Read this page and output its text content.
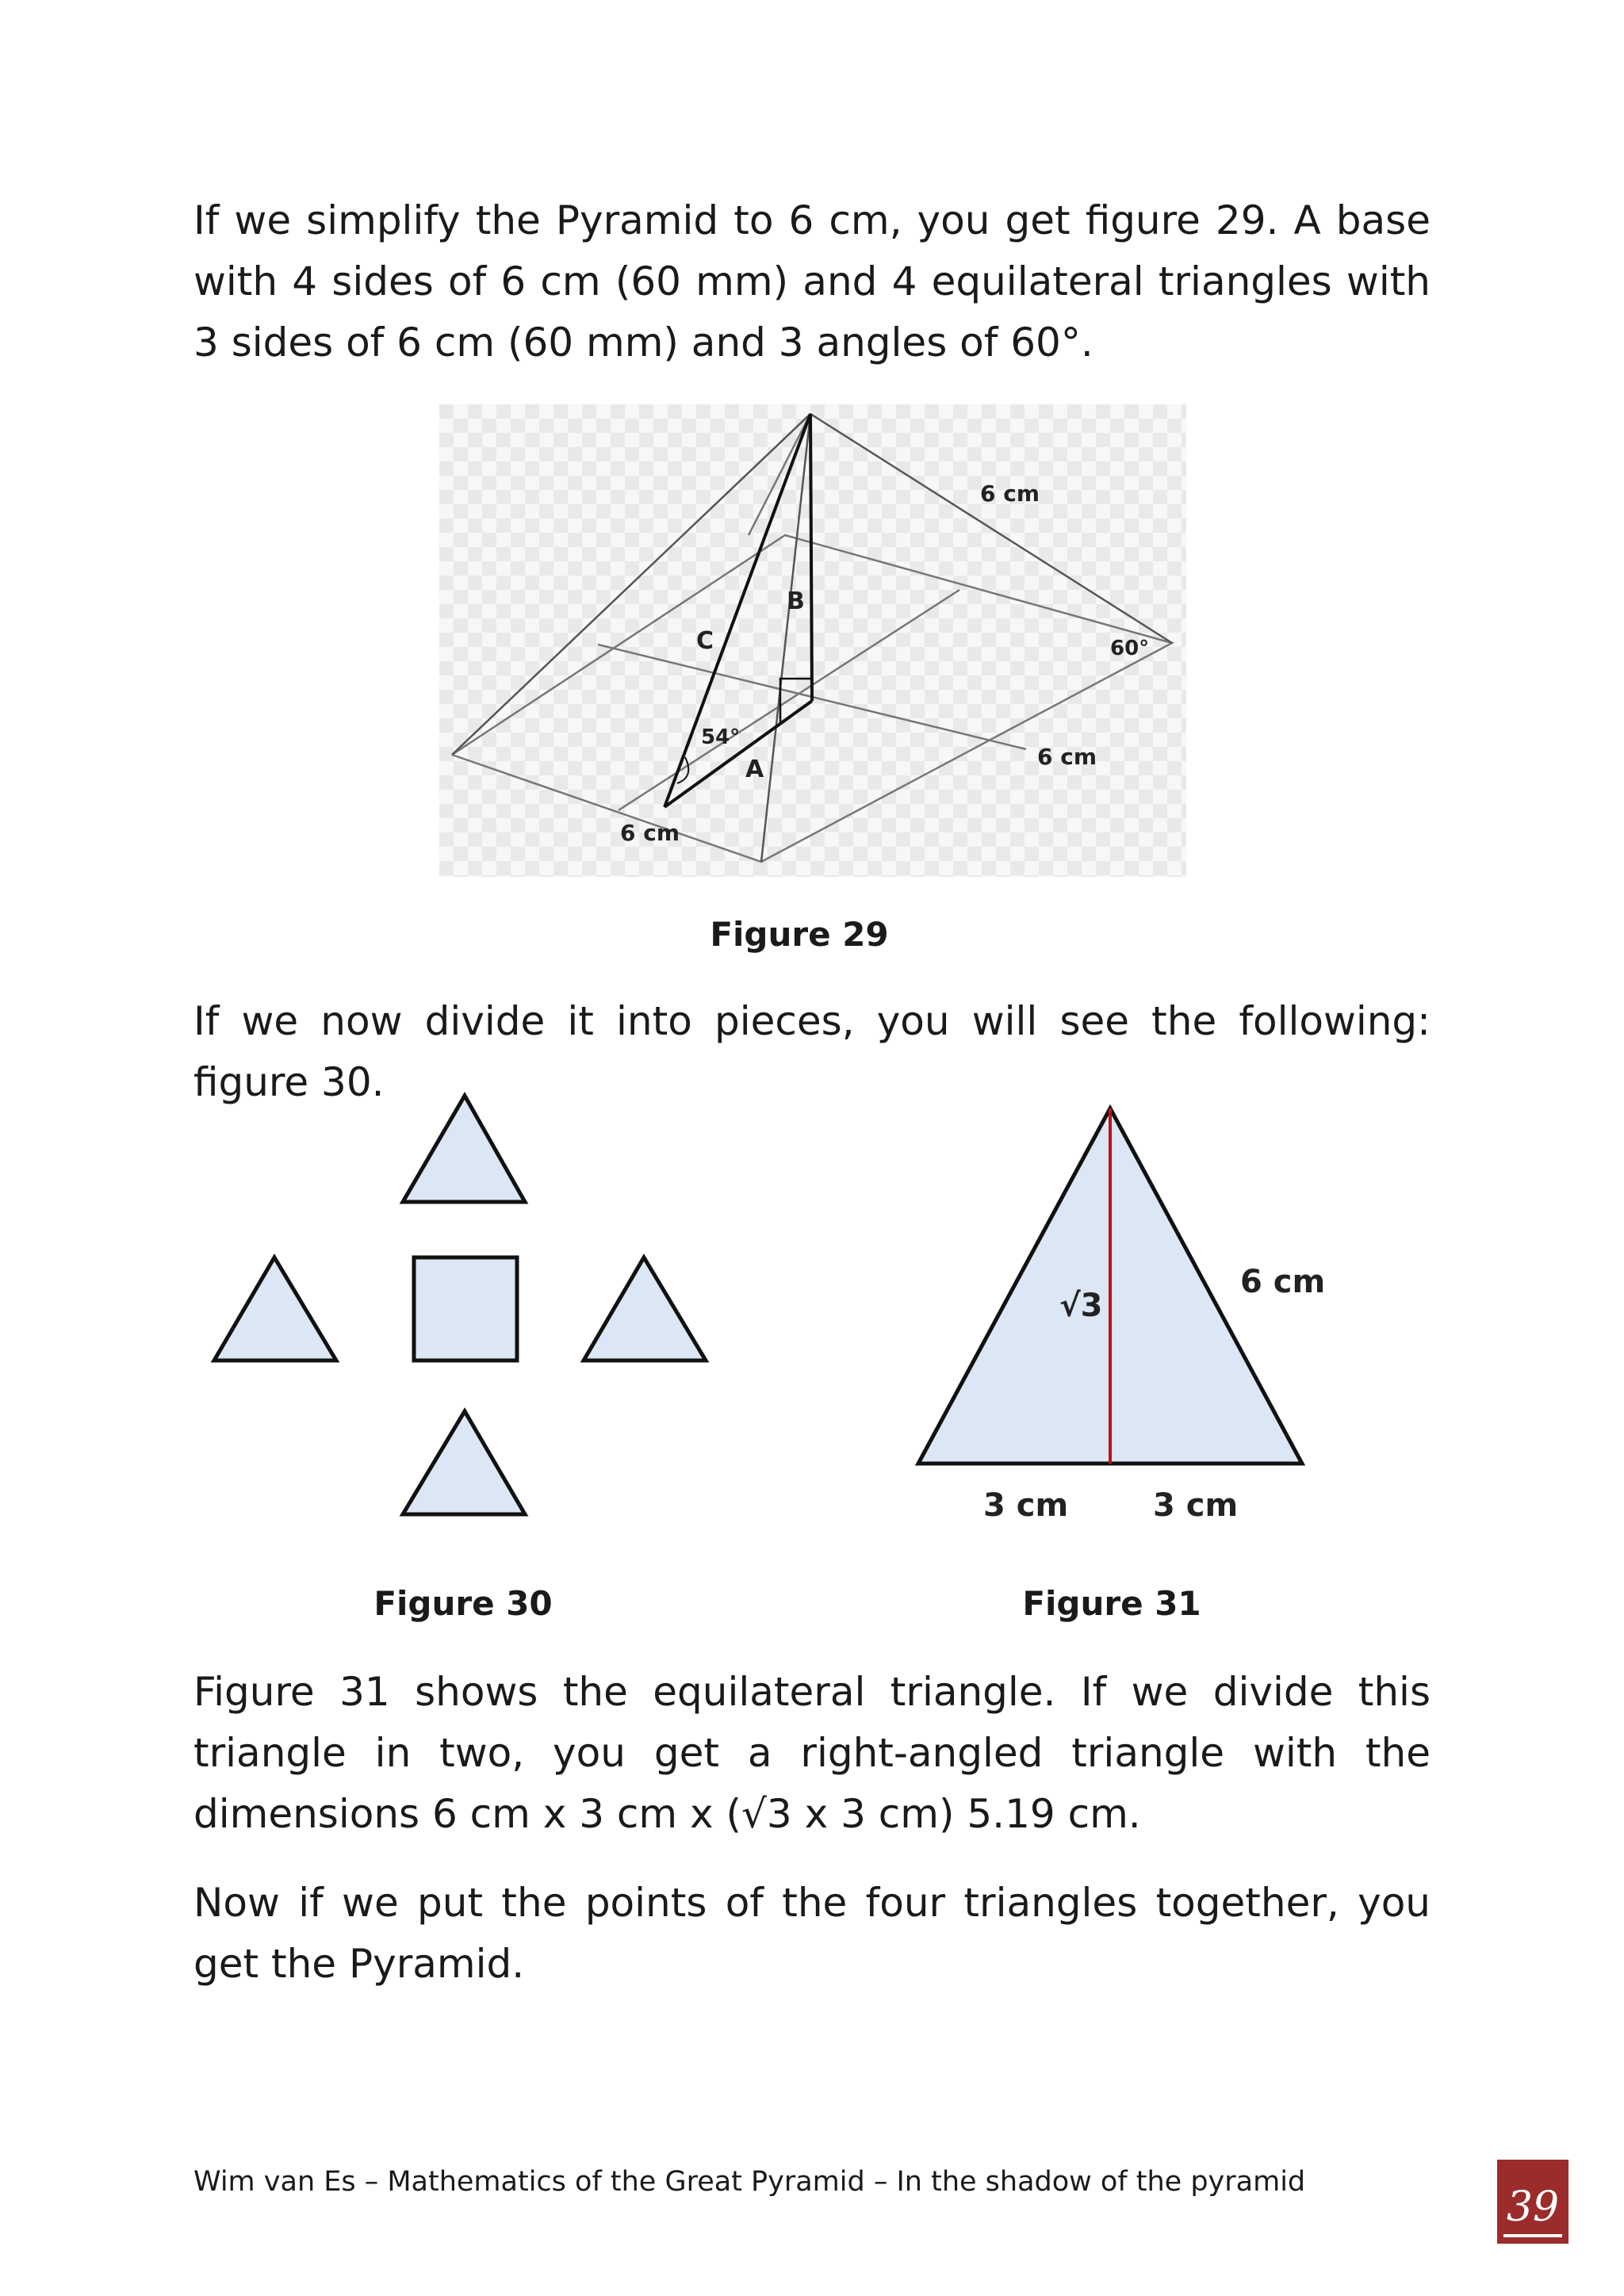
If we simplify the Pyramid to 6 cm, you get figure 29. A base with 4 sides of 6 cm (60 mm) and 4 equilateral triangles with 3 sides of 6 cm (60 mm) and 3 angles of 60°.

6 cm
B
C	60°
54°
A	6 cm
6 cm

Figure 29

If we now divide it into pieces, you will see the following: figure 30.

√3
6 cm
3 cm	3 cm

Figure 30	Figure 31

Figure 31 shows the equilateral triangle. If we divide this triangle in two, you get a right-angled triangle with the dimensions 6 cm x 3 cm x (√3 x 3 cm) 5.19 cm.

Now if we put the points of the four triangles together, you get the Pyramid.

Wim van Es – Mathematics of the Great Pyramid – In the shadow of the pyramid

39
